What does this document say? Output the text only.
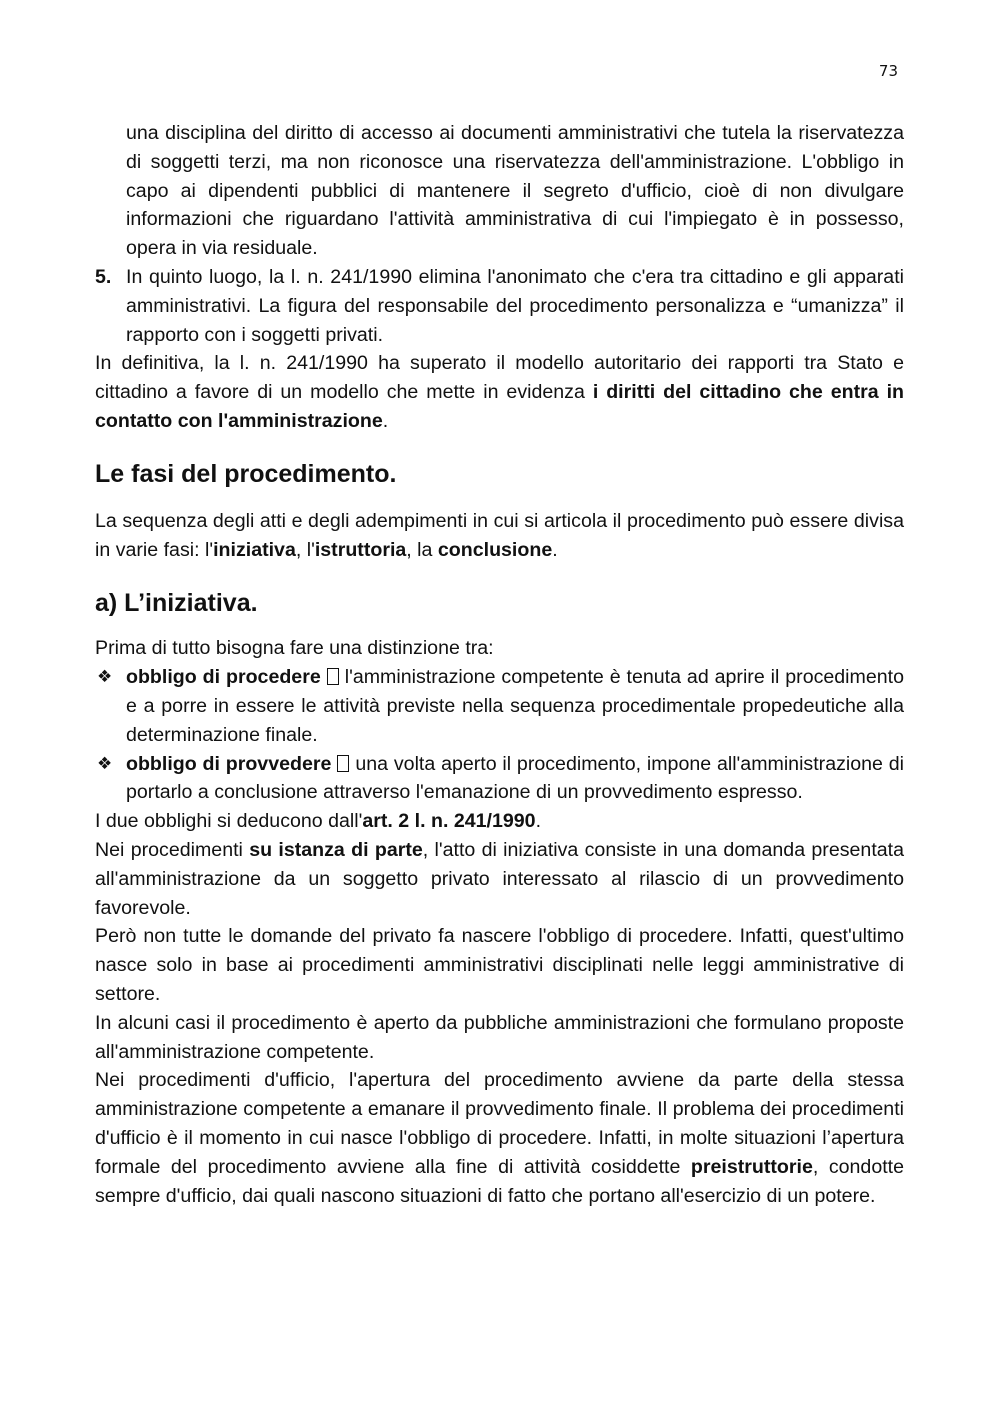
73

una disciplina del diritto di accesso ai documenti amministrativi che tutela la riservatezza di soggetti terzi, ma non riconosce una riservatezza dell'amministrazione. L'obbligo in capo ai dipendenti pubblici di mantenere il segreto d'ufficio, cioè di non divulgare informazioni che riguardano l'attività amministrativa di cui l'impiegato è in possesso, opera in via residuale.

5. In quinto luogo, la l. n. 241/1990 elimina l'anonimato che c'era tra cittadino e gli apparati amministrativi. La figura del responsabile del procedimento personalizza e “umanizza” il rapporto con i soggetti privati.

In definitiva, la l. n. 241/1990 ha superato il modello autoritario dei rapporti tra Stato e cittadino a favore di un modello che mette in evidenza i diritti del cittadino che entra in contatto con l'amministrazione.

Le fasi del procedimento.

La sequenza degli atti e degli adempimenti in cui si articola il procedimento può essere divisa in varie fasi: l'iniziativa, l'istruttoria, la conclusione.

a) L’iniziativa.

Prima di tutto bisogna fare una distinzione tra:

❖ obbligo di procedere l'amministrazione competente è tenuta ad aprire il procedimento e a porre in essere le attività previste nella sequenza procedimentale propedeutiche alla determinazione finale.

❖ obbligo di provvedere una volta aperto il procedimento, impone all'amministrazione di portarlo a conclusione attraverso l'emanazione di un provvedimento espresso.

I due obblighi si deducono dall'art. 2 l. n. 241/1990.

Nei procedimenti su istanza di parte, l'atto di iniziativa consiste in una domanda presentata all'amministrazione da un soggetto privato interessato al rilascio di un provvedimento favorevole.

Però non tutte le domande del privato fa nascere l'obbligo di procedere. Infatti, quest'ultimo nasce solo in base ai procedimenti amministrativi disciplinati nelle leggi amministrative di settore.

In alcuni casi il procedimento è aperto da pubbliche amministrazioni che formulano proposte all'amministrazione competente.

Nei procedimenti d'ufficio, l'apertura del procedimento avviene da parte della stessa amministrazione competente a emanare il provvedimento finale. Il problema dei procedimenti d'ufficio è il momento in cui nasce l'obbligo di procedere. Infatti, in molte situazioni l’apertura formale del procedimento avviene alla fine di attività cosiddette preistruttorie, condotte sempre d'ufficio, dai quali nascono situazioni di fatto che portano all'esercizio di un potere.
